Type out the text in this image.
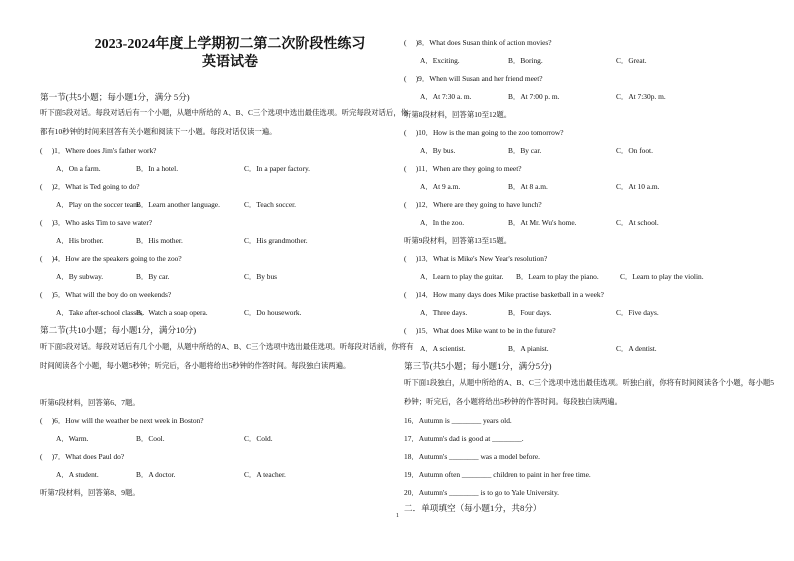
2023-2024年度上学期初二第二次阶段性练习
英语试卷
第一节(共5小题；每小题1分，满分 5分)
听下面5段对话。每段对话后有一个小题，从题中所给的 A、B、C三个选项中选出最佳选项。听完每段对话后，你都有10秒钟的时间来回答有关小题和阅读下一小题。每段对话仅读一遍。
(　 )1．Where does Jim's father work?
A．On a farm.	B．In a hotel.	C．In a paper factory.
(　 )2．What is Ted going to do?
A．Play on the soccer team.B．Learn another language.	C．Teach soccer.
(　 )3．Who asks Tim to save water?
A．His brother.	B．His mother.	C．His grandmother.
(　 )4．How are the speakers going to the zoo?
A．By subway.	B．By car.	C．By bus
(　 )5．What will the boy do on weekends?
A．Take after-school classes.B．Watch a soap opera.	C．Do housework.
第二节(共10小题；每小题1分，满分10分)
听下面5段对话。每段对话后有几个小题，从题中所给的A、B、C三个选项中选出最佳选项。听每段对话前，你将有时间阅读各个小题，每小题5秒钟；听完后，各小题将给出5秒钟的作答时间。每段独白读两遍。
听第6段材料，回答第6、7题。
(　 )6．How will the weather be next week in Boston?
A．Warm.	B．Cool.	C．Cold.
(　 )7．What does Paul do?
A．A student.	B．A doctor.	C．A teacher.
听第7段材料，回答第8、9题。
(　 )8．What does Susan think of action movies?
A．Exciting.	B．Boring.	C．Great.
(　 )9．When will Susan and her friend meet?
A．At 7:30 a. m.	B．At 7:00 p. m.	C．At 7:30p. m.
听第8段材料，回答第10至12题。
(　 )10．How is the man going to the zoo tomorrow?
A．By bus.	B．By car.	C．On foot.
(　 )11．When are they going to meet?
A．At 9 a.m.	B．At 8 a.m.	C．At 10 a.m.
(　 )12．Where are they going to have lunch?
A．In the zoo.	B．At Mr. Wu's home.	C．At school.
听第9段材料，回答第13至15题。
(　 )13．What is Mike's New Year's resolution?
A．Learn to play the guitar. B．Learn to play the piano.	C．Learn to play the violin.
(　 )14．How many days does Mike practise basketball in a week?
A．Three days.	B．Four days.	C．Five days.
(　 )15．What does Mike want to be in the future?
A．A scientist.	B．A pianist.	C．A dentist.
第三节(共5小题；每小题1分，满分5分)
听下面1段独白，从题中所给的A、B、C三个选项中选出最佳选项。听独白前，你将有时间阅读各个小题，每小题5秒钟；听完后，各小题将给出5秒钟的作答时间。每段独白读两遍。
16．Autumn is ________ years old.
17．Autumn's dad is good at ________.
18．Autumn's ________ was a model before.
19．Autumn often ________ children to paint in her free time.
20．Autumn's ________ is to go to Yale University.
二．单项填空（每小题1分，共8分）
1
